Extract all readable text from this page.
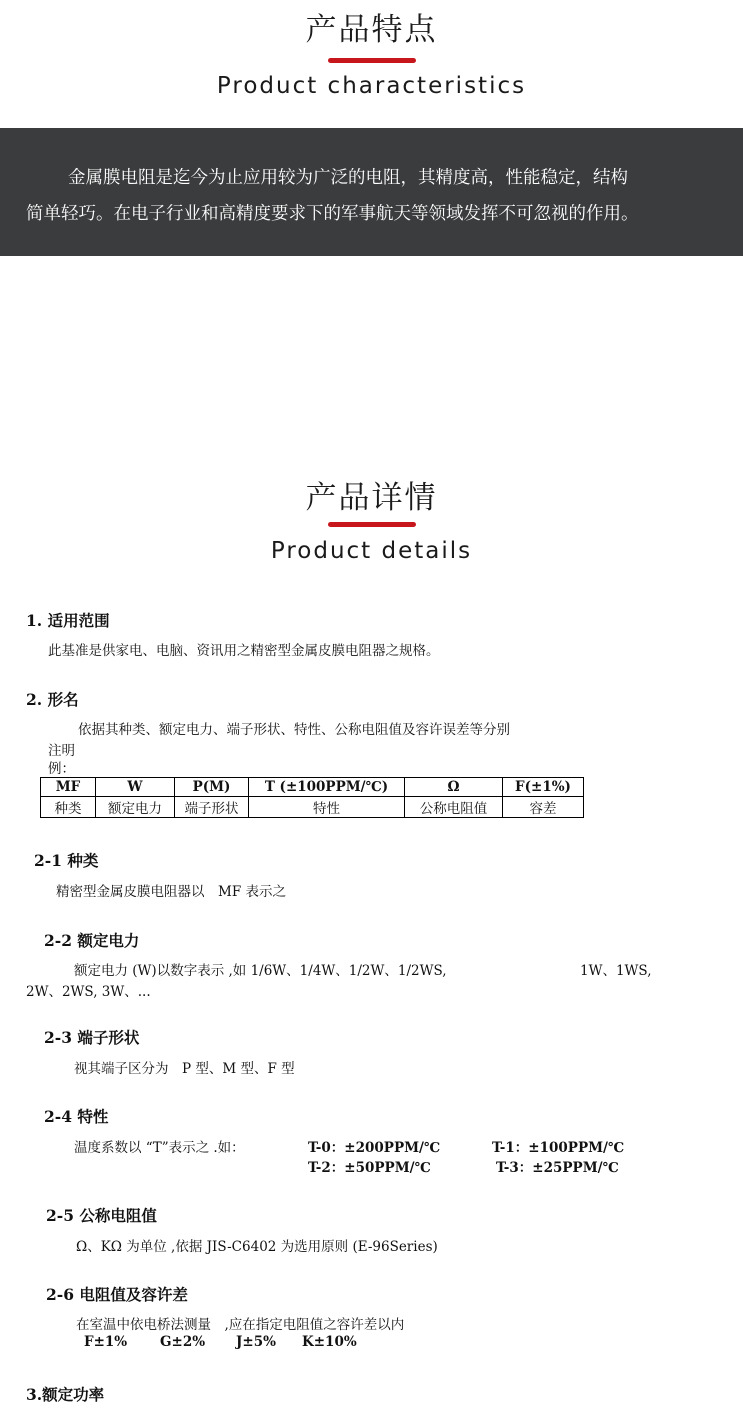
产品特点
Product characteristics

金属膜电阻是迄今为止应用较为广泛的电阻，其精度高，性能稳定，结构

简单轻巧。在电子行业和高精度要求下的军事航天等领域发挥不可忽视的作用。

产品详情
Product details
1. 适用范围
此基准是供家电、电脑、资讯用之精密型金属皮膜电阻器之规格。
2. 形名
依据其种类、额定电力、端子形状、特性、公称电阻值及容许误差等分别
注明
例：
MF	W	P(M)	T (±100PPM/℃)	Ω	F(±1%)
种类	额定电力	端子形状	特性	公称电阻值	容差
2-1 种类
精密型金属皮膜电阻器以　MF 表示之
2-2 额定电力
额定电力 (W)以数字表示 ,如 1/6W、1/4W、1/2W、1/2WS,	1W、1WS,
2W、2WS, 3W、...
2-3 端子形状
视其端子区分为　P 型、M 型、F 型
2-4 特性
温度系数以 “T”表示之 .如：	T-0：±200PPM/℃	T-1：±100PPM/℃
T-2：±50PPM/℃	T-3：±25PPM/℃
2-5 公称电阻值
Ω、KΩ 为单位 ,依据 JIS-C6402 为选用原则 (E-96Series)
2-6 电阻值及容许差
在室温中依电桥法测量　,应在指定电阻值之容许差以内
F±1% G±2% J±5% K±10%
3.额定功率
